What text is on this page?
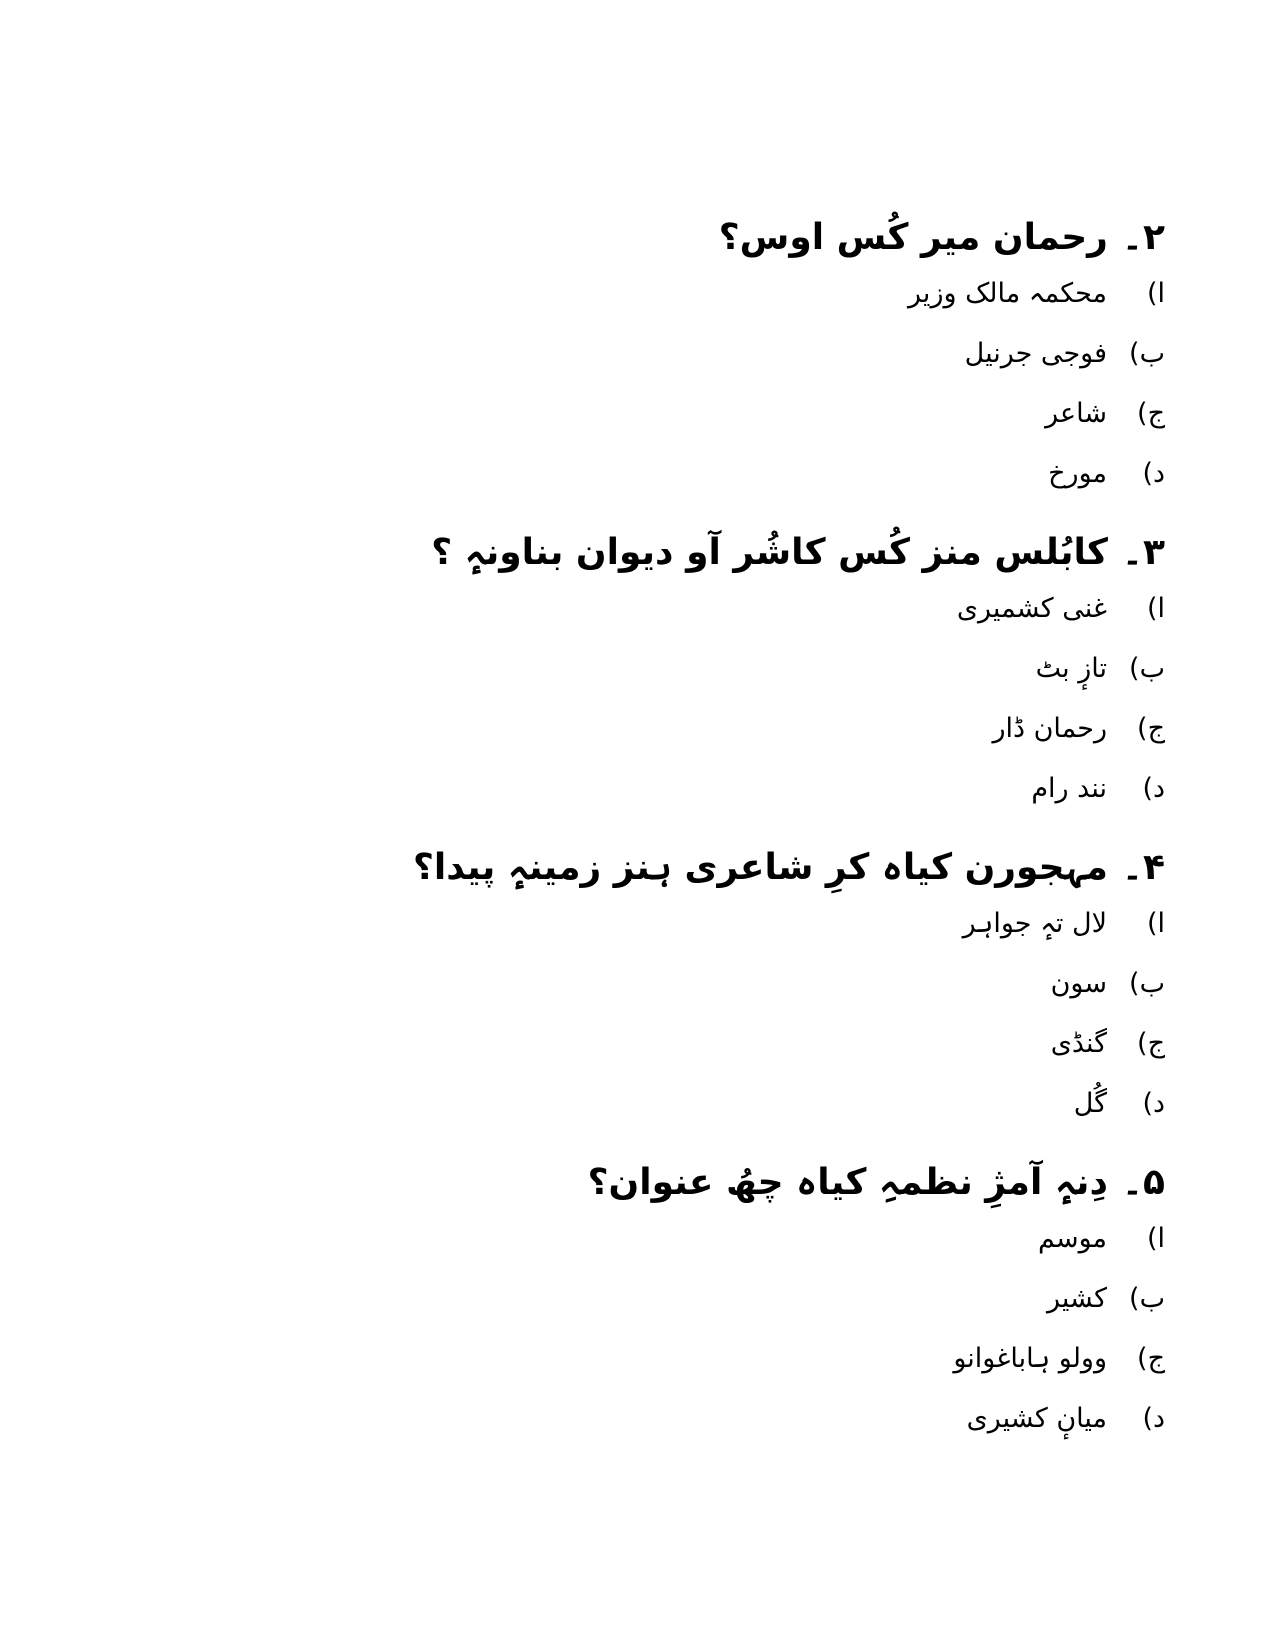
۲۔رحمان میر کُس اوس؟
ا)محکمہ مالک وزیر
ب)فوجی جرنیل
ج)شاعر
د)مورخ
۳۔کابُلس منز کُس کاشُر آو دیوان بناونہٕ ؟
ا)غنی کشمیری
ب)تازٕ بٹ
ج)رحمان ڈار
د)نند رام
۴۔مہجورن کیاہ کرِ شاعری ہنز زمینہٕ پیدا؟
ا)لال تہٕ جواہر
ب)سون
ج)گنڈی
د)گُل
۵۔دِنہٕ آمژِ نظمہِ کیاہ چھُ عنوان؟
ا)موسم
ب)کشیر
ج)وولو ہاباغوانو
د)میانٕ کشیری
